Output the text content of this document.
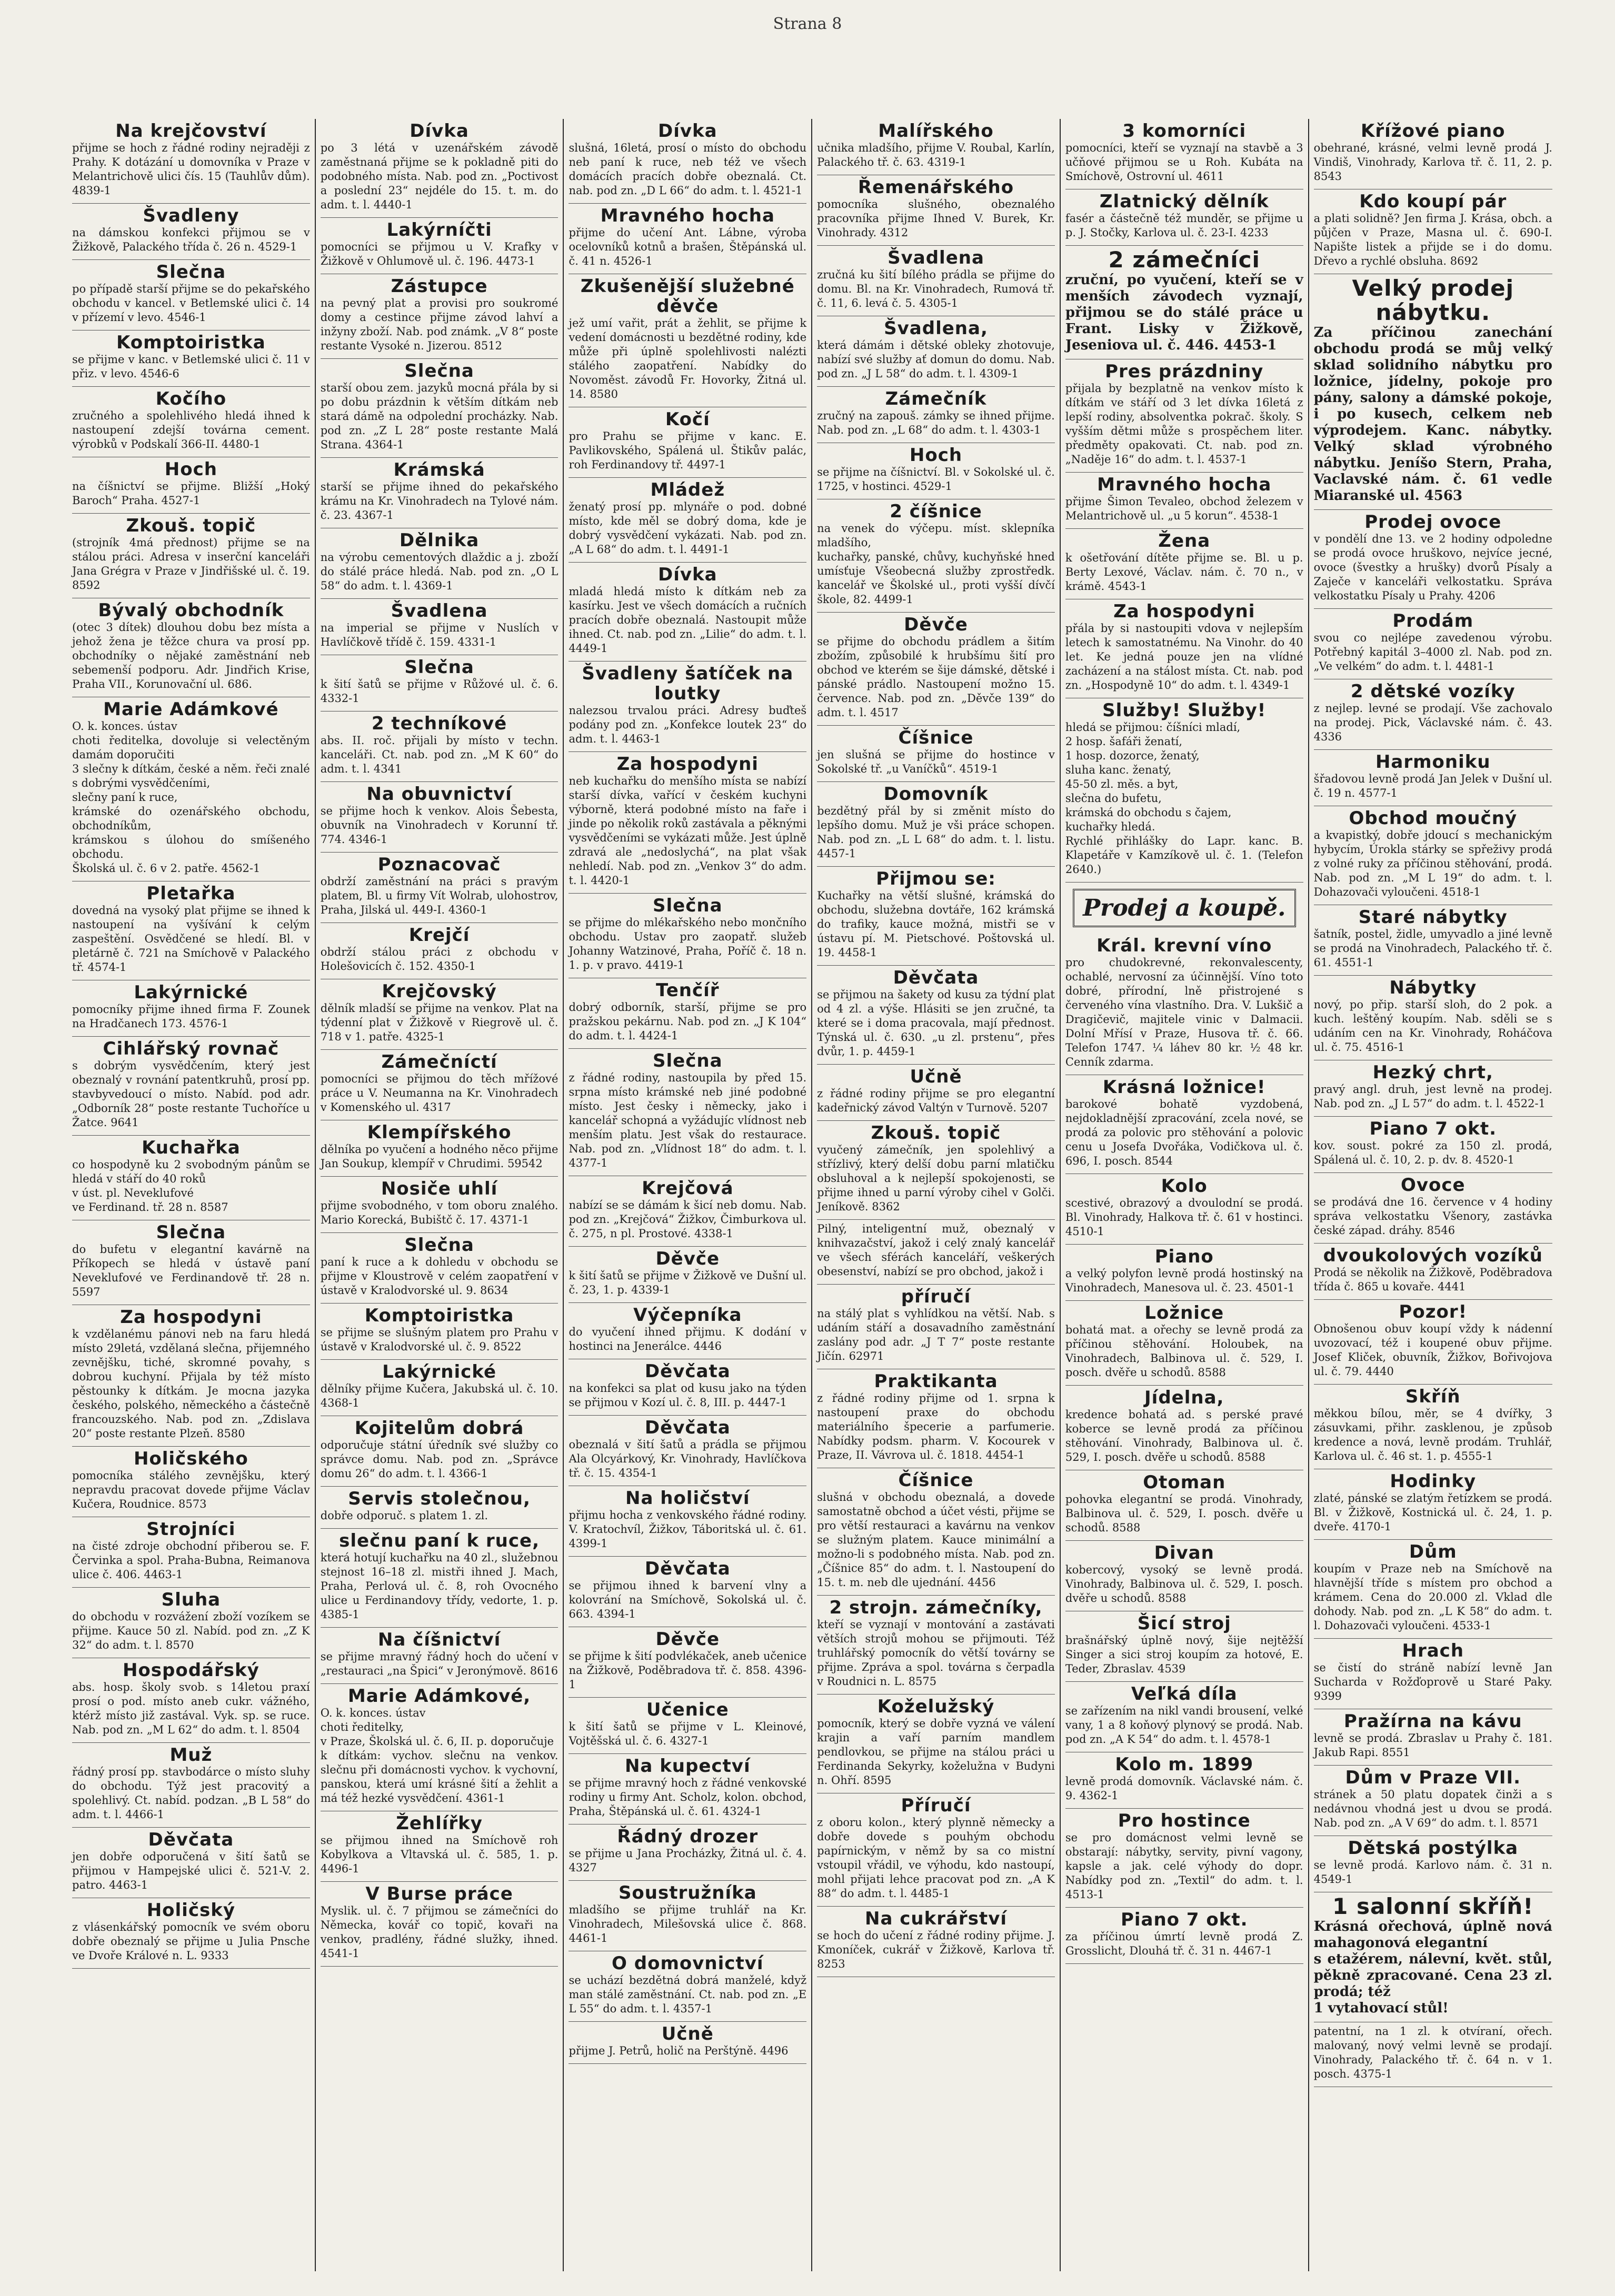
Strana 8
Na krejčovství
přijme se hoch z řádné rodiny nejraději z Prahy. K dotázání u domovníka v Praze v Melantrichově ulici čís. 15 (Tauhlův dům). 4839-1
Švadleny
na dámskou konfekci přijmou se v Žižkově, Palackého třída č. 26 n. 4529-1
Slečna
po případě starší přijme se do pekařského obchodu v kancel. v Betlemské ulici č. 14 v přízemí v levo. 4546-1
Komptoiristka
se přijme v kanc. v Betlemské ulici č. 11 v přiz. v levo. 4546-6
Kočího
zručného a spolehlivého hledá ihned k nastoupení zdejší továrna cement. výrobků v Podskalí 366-II. 4480-1
Hoch
na číšnictví se přijme. Bližší „Hoký Baroch“ Praha. 4527-1
Zkouš. topič
(strojník 4má přednost) přijme se na stálou práci. Adresa v inserční kanceláři Jana Grégra v Praze v Jindřišské ul. č. 19. 8592
Bývalý obchodník
(otec 3 dítek) dlouhou dobu bez místa a jehož žena je těžce chura va prosí pp. obchodníky o nějaké zaměstnání neb sebemenší podporu. Adr. Jindřich Krise, Praha VII., Korunovační ul. 686.
Marie Adámkové
O. k. konces. ústav
choti ředitelka, dovoluje si velectěným damám doporučiti
3 slečny k dítkám, české a něm. řeči znalé s dobrými vysvědčeními,
slečny paní k ruce,
krámské do ozenářského obchodu, obchodníkům,
krámskou s úlohou do smíšeného obchodu.
Školská ul. č. 6 v 2. patře. 4562-1
Pletařka
dovedná na vysoký plat přijme se ihned k nastoupení na vyšívání k celým zaspeštění. Osvědčené se hledí. Bl. v pletárně č. 721 na Smíchově v Palackého tř. 4574-1
Lakýrnické
pomocníky přijme ihned firma F. Zounek na Hradčanech 173. 4576-1
Cihlářský rovnač
s dobrým vysvědčením, který jest obeznalý v rovnání patentkruhů, prosí pp. stavbyvedoucí o místo. Nabíd. pod adr. „Odborník 28“ poste restante Tuchoříce u Žatce. 9641
Kuchařka
co hospodyně ku 2 svobodným pánům se hledá v stáří do 40 roků
v úst. pl. Neveklufové
ve Ferdinand. tř. 28 n. 8587
Slečna
do bufetu v elegantní kavárně na Příkopech se hledá v ústavě paní Neveklufové ve Ferdinandově tř. 28 n. 5597
Za hospodyni
k vzdělanému pánovi neb na faru hledá místo 29letá, vzdělaná slečna, přijemného zevnějšku, tiché, skromné povahy, s dobrou kuchyní. Přijala by též místo pěstounky k dítkám. Je mocna jazyka českého, polského, německého a částečně francouzského. Nab. pod zn. „Zdislava 20“ poste restante Plzeň. 8580
Holičského
pomocníka stálého zevnějšku, který nepravdu pracovat dovede přijme Václav Kučera, Roudnice. 8573
Strojníci
na čisté zdroje obchodní přiberou se. F. Červinka a spol. Praha-Bubna, Reimanova ulice č. 406. 4463-1
Sluha
do obchodu v rozvážení zboží vozíkem se přijme. Kauce 50 zl. Nabíd. pod zn. „Z K 32“ do adm. t. l. 8570
Hospodářský
abs. hosp. školy svob. s 14letou praxí prosí o pod. místo aneb cukr. vážného, ktérž místo již zastával. Vyk. sp. se ruce. Nab. pod zn. „M L 62“ do adm. t. l. 8504
Muž
řádný prosí pp. stavbodárce o místo sluhy do obchodu. Týž jest pracovitý a spolehlivý. Ct. nabíd. podzan. „B L 58“ do adm. t. l. 4466-1
Děvčata
jen dobře odporučená v šití šatů se přijmou v Hampejské ulici č. 521-V. 2. patro. 4463-1
Holičský
z vlásenkářský pomocník ve svém oboru dobře obeznalý se přijme u Julia Pnsche ve Dvoře Králové n. L. 9333
Dívka
po 3 létá v uzenářském závodě zaměstnaná přijme se k pokladně piti do podobného místa. Nab. pod zn. „Poctivost a poslední 23“ nejdéle do 15. t. m. do adm. t. l. 4440-1
Lakýrníčti
pomocníci se přijmou u V. Krafky v Žižkově v Ohlumově ul. č. 196. 4473-1
Zástupce
na pevný plat a provisi pro soukromé domy a cestince přijme závod lahví a inžyny zboží. Nab. pod známk. „V 8“ poste restante Vysoké n. Jizerou. 8512
Slečna
starší obou zem. jazyků mocná přála by si po dobu prázdnin k větším dítkám neb stará dámě na odpolední procházky. Nab. pod zn. „Z L 28“ poste restante Malá Strana. 4364-1
Krámská
starší se přijme ihned do pekařského krámu na Kr. Vinohradech na Tylové nám. č. 23. 4367-1
Dělnika
na výrobu cementových dlaždic a j. zboží do stálé práce hledá. Nab. pod zn. „O L 58“ do adm. t. l. 4369-1
Švadlena
na imperial se přijme v Nuslích v Havlíčkově třídě č. 159. 4331-1
Slečna
k šití šatů se přijme v Růžové ul. č. 6. 4332-1
2 techníkové
abs. II. roč. přijali by místo v techn. kanceláři. Ct. nab. pod zn. „M K 60“ do adm. t. l. 4341
Na obuvnictví
se přijme hoch k venkov. Alois Šebesta, obuvník na Vinohradech v Korunní tř. 774. 4346-1
Poznacovač
obdrží zaměstnání na práci s pravým platem, Bl. u firmy Vít Wolrab, ulohostrov, Praha, Jilská ul. 449-I. 4360-1
Krejčí
obdrží stálou práci z obchodu v Holešovicích č. 152. 4350-1
Krejčovský
dělník mladší se přijme na venkov. Plat na týdenní plat v Žižkově v Riegrově ul. č. 718 v 1. patře. 4325-1
Zámečníctí
pomocníci se přijmou do těch mřížové práce u V. Neumanna na Kr. Vinohradech v Komenského ul. 4317
Klempířského
dělníka po vyučení a hodného něco přijme Jan Soukup, klempíř v Chrudimi. 59542
Nosiče uhlí
přijme svobodného, v tom oboru znalého. Mario Korecká, Bubištč č. 17. 4371-1
Slečna
paní k ruce a k dohledu v obchodu se přijme v Kloustrově v celém zaopatření v ústavě v Kralodvorské ul. 9. 8634
Komptoiristka
se přijme se slušným platem pro Prahu v ústavě v Kralodvorské ul. č. 9. 8522
Lakýrnické
dělníky přijme Kučera, Jakubská ul. č. 10. 4368-1
Kojitelům dobrá
odporučuje státní úředník své služby co správce domu. Nab. pod zn. „Správce domu 26“ do adm. t. l. 4366-1
Servis stolečnou,
dobře odporuč. s platem 1. zl.
slečnu paní k ruce,
která hotují kuchařku na 40 zl., služebnou stejnost 16–18 zl. mistři ihned J. Mach, Praha, Perlová ul. č. 8, roh Ovocného ulice u Ferdinandovy třídy, vedorte, 1. p. 4385-1
Na číšnictví
se přijme mravný řádný hoch do učení v „restauraci „na Špici“ v Jeronýmově. 8616
Marie Adámkové,
O. k. konces. ústav
choti ředitelky,
v Praze, Školská ul. č. 6, II. p. doporučuje
k dítkám: vychov. slečnu na venkov. slečnu při domácnosti vychov. k vychovní, panskou, která umí krásné šití a žehlit a má též hezké vysvědčení. 4361-1
Žehlířky
se přijmou ihned na Smíchově roh Kobylkova a Vltavská ul. č. 585, 1. p. 4496-1
V Burse práce
Myslik. ul. č. 7 přijmou se zámečníci do Německa, kovář co topič, kovaři na venkov, pradlény, řádné služky, ihned. 4541-1
Dívka
slušná, 16letá, prosí o místo do obchodu neb paní k ruce, neb též ve všech domácích pracích dobře obeznalá. Ct. nab. pod zn. „D L 66“ do adm. t. l. 4521-1
Mravného hocha
přijme do učení Ant. Lábne, výroba ocelovníků kotnů a brašen, Štěpánská ul. č. 41 n. 4526-1
Zkušenější služebné děvče
jež umí vařit, prát a žehlit, se přijme k vedení domácnosti u bezdětné rodiny, kde může při úplně spolehlivosti nalézti stálého zaopatření. Nabídky do Novoměst. závodů Fr. Hovorky, Žitná ul. 14. 8580
Kočí
pro Prahu se přijme v kanc. E. Pavlikovského, Spálená ul. Štikův palác, roh Ferdinandovy tř. 4497-1
Mládež
ženatý prosí pp. mlynáře o pod. dobné místo, kde měl se dobrý doma, kde je dobrý vysvědčení vykázati. Nab. pod zn. „A L 68“ do adm. t. l. 4491-1
Dívka
mladá hledá místo k dítkám neb za kasírku. Jest ve všech domácích a ručních pracích dobře obeznalá. Nastoupit může ihned. Ct. nab. pod zn. „Lilie“ do adm. t. l. 4449-1
Švadleny šatíček na loutky
nalezsou trvalou práci. Adresy buďteš podány pod zn. „Konfekce loutek 23“ do adm. t. l. 4463-1
Za hospodyni
neb kuchařku do menšího místa se nabízí starší dívka, vařící v českém kuchyni výborně, která podobné místo na faře i jinde po několik roků zastávala a pěknými vysvědčeními se vykázati může. Jest úplně zdravá ale „nedoslychá“, na plat však nehledí. Nab. pod zn. „Venkov 3“ do adm. t. l. 4420-1
Slečna
se přijme do mlékařského nebo mončního obchodu. Ustav pro zaopatř. služeb Johanny Watzinové, Praha, Poříč č. 18 n. 1. p. v pravo. 4419-1
Tenčíř
dobrý odborník, starší, přijme se pro pražskou pekárnu. Nab. pod zn. „J K 104“ do adm. t. l. 4424-1
Slečna
z řádné rodiny, nastoupila by před 15. srpna místo krámské neb jiné podobné místo. Jest česky i německy, jako i kancelář schopná a vyžádujíc vlídnost neb menším platu. Jest však do restaurace. Nab. pod zn. „Vlídnost 18“ do adm. t. l. 4377-1
Krejčová
nabízí se se dámám k šicí neb domu. Nab. pod zn. „Krejčová“ Žižkov, Čimburkova ul. č. 275, n pl. Prostové. 4338-1
Děvče
k šití šatů se přijme v Žižkově ve Dušní ul. č. 23, 1. p. 4339-1
Výčepníka
do vyučení ihned přijmu. K dodání v hostinci na Jenerálce. 4446
Děvčata
na konfekci sa plat od kusu jako na týden se přijmou v Kozí ul. č. 8, III. p. 4447-1
Děvčata
obeznalá v šití šatů a prádla se přijmou Ala Olcyárkový, Kr. Vinohrady, Havlíčkova tř. č. 15. 4354-1
Na holičství
přijmu hocha z venkovského řádné rodiny. V. Kratochvíl, Žižkov, Táboritská ul. č. 61. 4399-1
Děvčata
se přijmou ihned k barvení vlny a kolovrání na Smíchově, Sokolská ul. č. 663. 4394-1
Děvče
se přijme k šití podvlékaček, aneb učenice na Žižkově, Poděbradova tř. č. 858. 4396-1
Učenice
k šití šatů se přijme v L. Kleinové, Vojtěšská ul. č. 6. 4327-1
Na kupectví
se přijme mravný hoch z řádné venkovské rodiny u firmy Ant. Scholz, kolon. obchod, Praha, Štěpánská ul. č. 61. 4324-1
Řádný drozer
se přijme u Jana Procházky, Žitná ul. č. 4. 4327
Soustružníka
mladšího se přijme truhlář na Kr. Vinohradech, Milešovská ulice č. 868. 4461-1
O domovnictví
se uchází bezdětná dobrá manželé, když man stálé zaměstnání. Ct. nab. pod zn. „E L 55“ do adm. t. l. 4357-1
Učně
přijme J. Petrů, holič na Perštýně. 4496
Malířského
učnika mladšího, přijme V. Roubal, Karlín, Palackého tř. č. 63. 4319-1
Řemenářského
pomocníka slušného, obeznalého pracovníka přijme Ihned V. Burek, Kr. Vinohrady. 4312
Švadlena
zručná ku šití bílého prádla se přijme do domu. Bl. na Kr. Vinohradech, Rumová tř. č. 11, 6. levá č. 5. 4305-1
Švadlena,
která dámám i dětské obleky zhotovuje, nabízí své služby ať domun do domu. Nab. pod zn. „J L 58“ do adm. t. l. 4309-1
Zámečník
zručný na zapouš. zámky se ihned přijme. Nab. pod zn. „L 68“ do adm. t. l. 4303-1
Hoch
se přijme na číšnictví. Bl. v Sokolské ul. č. 1725, v hostinci. 4529-1
2 číšnice
na venek do výčepu. míst. sklepníka mladšího,
kuchařky, panské, chůvy, kuchyňské hned umísťuje Všeobecná služby zprostředk. kancelář ve Školské ul., proti vyšší dívčí škole, 82. 4499-1
Děvče
se přijme do obchodu prádlem a šitím zbožím, způsobilé k hrubšímu šití pro obchod ve kterém se šije dámské, dětské i pánské prádlo. Nastoupení možno 15. července. Nab. pod zn. „Děvče 139“ do adm. t. l. 4517
Číšnice
jen slušná se přijme do hostince v Sokolské tř. „u Vaníčků“. 4519-1
Domovník
bezdětný přál by si změnit místo do lepšího domu. Muž je vši práce schopen. Nab. pod zn. „L L 68“ do adm. t. l. listu. 4457-1
Přijmou se:
Kuchařky na větší slušné, krámská do obchodu, služebna dovtáře, 162 krámská do trafiky, kauce možná, mistři se v ústavu pí. M. Pietschové. Poštovská ul. 19. 4458-1
Děvčata
se přijmou na šakety od kusu za týdní plat od 4 zl. a výše. Hlásiti se jen zručné, ta které se i doma pracovala, mají přednost. Týnská ul. č. 630. „u zl. prstenu“, přes dvůr, 1. p. 4459-1
Učně
z řádné rodiny přijme se pro elegantní kadeřnický závod Valtýn v Turnově. 5207
Zkouš. topič
vyučený zámečník, jen spolehlivý a střízlivý, který delší dobu parní mlatičku obsluhoval a k nejlepší spokojenosti, se přijme ihned u parní výroby cihel v Golči. Jeníkově. 8362
Pilný, inteligentní muž, obeznalý v knihvazačství, jakož i celý znalý kancelář ve všech sférách kanceláří, veškerých obesenství, nabízí se pro obchod, jakož i
příručí
na stálý plat s vyhlídkou na větší. Nab. s udáním stáří a dosavadního zaměstnání zaslány pod adr. „J T 7“ poste restante Jičín. 62971
Praktikanta
z řádné rodiny přijme od 1. srpna k nastoupení praxe do obchodu materiálního špecerie a parfumerie. Nabídky podsm. pharm. V. Kocourek v Praze, II. Vávrova ul. č. 1818. 4454-1
Číšnice
slušná v obchodu obeznalá, a dovede samostatně obchod a účet vésti, přijme se pro větší restauraci a kavárnu na venkov se služným platem. Kauce minimální a možno-li s podobného místa. Nab. pod zn. „Číšnice 85“ do adm. t. l. Nastoupení do 15. t. m. neb dle ujednání. 4456
2 strojn. zámečníky,
kteří se vyznají v montování a zastávati větších strojů mohou se přijmouti. Též truhlářský pomocník do větší továrny se přijme. Zpráva a spol. továrna s čerpadla v Roudnici n. L. 8575
Koželužský
pomocník, který se dobře vyzná ve válení krajin a vaří parním mandlem pendlovkou, se přijme na stálou práci u Ferdinanda Sekyrky, koželužna v Budyni n. Ohří. 8595
Příručí
z oboru kolon., který plynně německy a dobře dovede s pouhým obchodu papírnickým, v němž by sa co mistní vstoupil vřádil, ve výhodu, kdo nastoupí, mohl přijati lehce pracovat pod zn. „A K 88“ do adm. t. l. 4485-1
Na cukrářství
se hoch do učení z řádné rodiny přijme. J. Kmoníček, cukrář v Žižkově, Karlova tř. 8253
3 komorníci
pomocníci, kteří se vyznají na stavbě a 3 učňové přijmou se u Roh. Kubáta na Smíchově, Ostrovní ul. 4611
Zlatnický dělník
fasér a částečně též munděr, se přijme u p. J. Stočky, Karlova ul. č. 23-I. 4233
2 zámečníci
zruční, po vyučení, kteří se v menších závodech vyznají, přijmou se do stálé práce u Frant. Lisky v Žižkově, Jeseniova ul. č. 446. 4453-1
Pres prázdniny
přijala by bezplatně na venkov místo k dítkám ve stáří od 3 let dívka 16letá z lepší rodiny, absolventka pokrač. školy. S vyšším dětmi může s prospěchem liter. předměty opakovati. Ct. nab. pod zn. „Naděje 16“ do adm. t. l. 4537-1
Mravného hocha
přijme Šimon Tevaleo, obchod železem v Melantrichově ul. „u 5 korun“. 4538-1
Žena
k ošetřování dítěte přijme se. Bl. u p. Berty Lexové, Václav. nám. č. 70 n., v krámě. 4543-1
Za hospodyni
přála by si nastoupiti vdova v nejlepším letech k samostatnému. Na Vinohr. do 40 let. Ke jedná pouze jen na vlídné zacházení a na stálost místa. Ct. nab. pod zn. „Hospodyně 10“ do adm. t. l. 4349-1
Služby! Služby!
hledá se přijmou: číšníci mladí,
2 hosp. šafáři ženatí,
1 hosp. dozorce, ženatý,
sluha kanc. ženatý,
45-50 zl. měs. a byt,
slečna do bufetu,
krámská do obchodu s čajem,
kuchařky hledá.
Rychlé přihlášky do Lapr. kanc. B. Klapetáře v Kamzíkově ul. č. 1. (Telefon 2640.)
Prodej a koupě.
Král. krevní víno
pro chudokrevné, rekonvalescenty, ochablé, nervosní za účinnější. Víno toto dobré, přírodní, lně přistrojené s červeného vína vlastního. Dra. V. Lukšič a Dragičevič, majitele vinic v Dalmacii. Dolní Mřísí v Praze, Husova tř. č. 66. Telefon 1747. ¼ láhev 80 kr. ½ 48 kr. Cenník zdarma.
Krásná ložnice!
barokové bohatě vyzdobená, nejdokladnější zpracování, zcela nové, se prodá za polovic pro stěhování a polovic cenu u Josefa Dvořáka, Vodičkova ul. č. 696, I. posch. 8544
Kolo
scestivé, obrazový a dvoulodní se prodá. Bl. Vinohrady, Halkova tř. č. 61 v hostinci. 4510-1
Piano
a velký polyfon levně prodá hostinský na Vinohradech, Manesova ul. č. 23. 4501-1
Ložnice
bohatá mat. a ořechy se levně prodá za příčinou stěhování. Holoubek, na Vinohradech, Balbinova ul. č. 529, I. posch. dvěře u schodů. 8588
Jídelna,
kredence bohatá ad. s perské pravé koberce se levně prodá za příčinou stěhování. Vinohrady, Balbinova ul. č. 529, I. posch. dvěře u schodů. 8588
Otoman
pohovka elegantní se prodá. Vinohrady, Balbinova ul. č. 529, I. posch. dvěře u schodů. 8588
Divan
kobercový, vysoký se levně prodá. Vinohrady, Balbinova ul. č. 529, I. posch. dvěře u schodů. 8588
Šicí stroj
brašnářský úplně nový, šije nejtěžší Singer a sici stroj koupím za hotové, E. Teder, Zbraslav. 4539
Veľká díla
se zařízením na nikl vandi brousení, velké vany, 1 a 8 koňový plynový se prodá. Nab. pod zn. „A K 54“ do adm. t. l. 4578-1
Kolo m. 1899
levně prodá domovník. Václavské nám. č. 9. 4362-1
Pro hostince
se pro domácnost velmi levně se obstarají: nábytky, servity, pivní vagony, kapsle a jak. celé výhody do dopr. Nabídky pod zn. „Textil“ do adm. t. l. 4513-1
Piano 7 okt.
za příčinou úmrtí levně prodá Z. Grosslicht, Dlouhá tř. č. 31 n. 4467-1
Křížové piano
obehrané, krásné, velmi levně prodá J. Vindiš, Vinohrady, Karlova tř. č. 11, 2. p. 8543
Kdo koupí pár
a plati solidně? Jen firma J. Krása, obch. a půjčen v Praze, Masna ul. č. 690-I. Napište listek a přijde se i do domu. Dřevo a rychlé obsluha. 8692
Velký prodej nábytku.
Za příčinou zanechání obchodu prodá se můj velký sklad solidního nábytku pro ložnice, jídelny, pokoje pro pány, salony a dámské pokoje, i po kusech, celkem neb výprodejem. Kanc. nábytky. Velký sklad výrobného nábytku. Jeníšo Stern, Praha, Vaclavské nám. č. 61 vedle Miaranské ul. 4563
Prodej ovoce
v pondělí dne 13. ve 2 hodiny odpoledne se prodá ovoce hruškovo, nejvíce jecné, ovoce (švestky a hrušky) dvorů Písaly a Zaječe v kanceláři velkostatku. Správa velkostatku Písaly u Prahy. 4206
Prodám
svou co nejlépe zavedenou výrobu. Potřebný kapitál 3–4000 zl. Nab. pod zn. „Ve velkém“ do adm. t. l. 4481-1
2 dětské vozíky
z nejlep. levné se prodají. Vše zachovalo na prodej. Pick, Václavské nám. č. 43. 4336
Harmoniku
šřadovou levně prodá Jan Jelek v Dušní ul. č. 19 n. 4577-1
Obchod moučný
a kvapistký, dobře jdoucí s mechanickým hybycím, Úrokla stárky se spřeživy prodá z volné ruky za příčinou stěhování, prodá. Nab. pod zn. „M L 19“ do adm. t. l. Dohazovači vyloučeni. 4518-1
Staré nábytky
šatník, postel, židle, umyvadlo a jiné levně se prodá na Vinohradech, Palackého tř. č. 61. 4551-1
Nábytky
nový, po přip. starší sloh, do 2 pok. a kuch. leštěný koupím. Nab. sděli se s udáním cen na Kr. Vinohrady, Roháčova ul. č. 75. 4516-1
Hezký chrt,
pravý angl. druh, jest levně na prodej. Nab. pod zn. „J L 57“ do adm. t. l. 4522-1
Piano 7 okt.
kov. soust. pokré za 150 zl. prodá, Spálená ul. č. 10, 2. p. dv. 8. 4520-1
Ovoce
se prodává dne 16. července v 4 hodiny správa velkostatku Všenory, zastávka české západ. dráhy. 8546
dvoukolových vozíků
Prodá se několik na Žižkově, Poděbradova třída č. 865 u kovaře. 4441
Pozor!
Obnošenou obuv koupí vždy k nádenní uvozovací, též i koupené obuv přijme. Josef Kliček, obuvník, Žižkov, Bořivojova ul. č. 79. 4440
Skříň
měkkou bílou, měr, se 4 dvířky, 3 zásuvkami, přihr. zasklenou, je způsob kredence a nová, levně prodám. Truhlář, Karlova ul. č. 46 st. 1. p. 4555-1
Hodinky
zlaté, pánské se zlatým řetízkem se prodá. Bl. v Žižkově, Kostnická ul. č. 24, 1. p. dveře. 4170-1
Dům
koupím v Praze neb na Smíchově na hlavnější tříde s místem pro obchod a krámem. Cena do 20.000 zl. Vklad dle dohody. Nab. pod zn. „L K 58“ do adm. t. l. Dohazovači vyloučeni. 4533-1
Hrach
se čistí do stráně nabízí levně Jan Sucharda v Rožďoprově u Staré Paky. 9399
Pražírna na kávu
levně se prodá. Zbraslav u Prahy č. 181. Jakub Rapi. 8551
Dům v Praze VII.
stránek a 50 platu dopatek činži a s nedávnou vhodná jest u dvou se prodá. Nab. pod zn. „A V 69“ do adm. t. l. 8571
Dětská postýlka
se levně prodá. Karlovo nám. č. 31 n. 4549-1
1 salonní skříň!
Krásná ořechová, úplně nová mahagonová elegantní
s etažérem, nálevní, květ. stůl, pěkně zpracované. Cena 23 zl. prodá; též
1 vytahovací stůl!
patentní, na 1 zl. k otvíraní, ořech. malovaný, nový velmi levně se prodají. Vinohrady, Palackého tř. č. 64 n. v 1. posch. 4375-1
